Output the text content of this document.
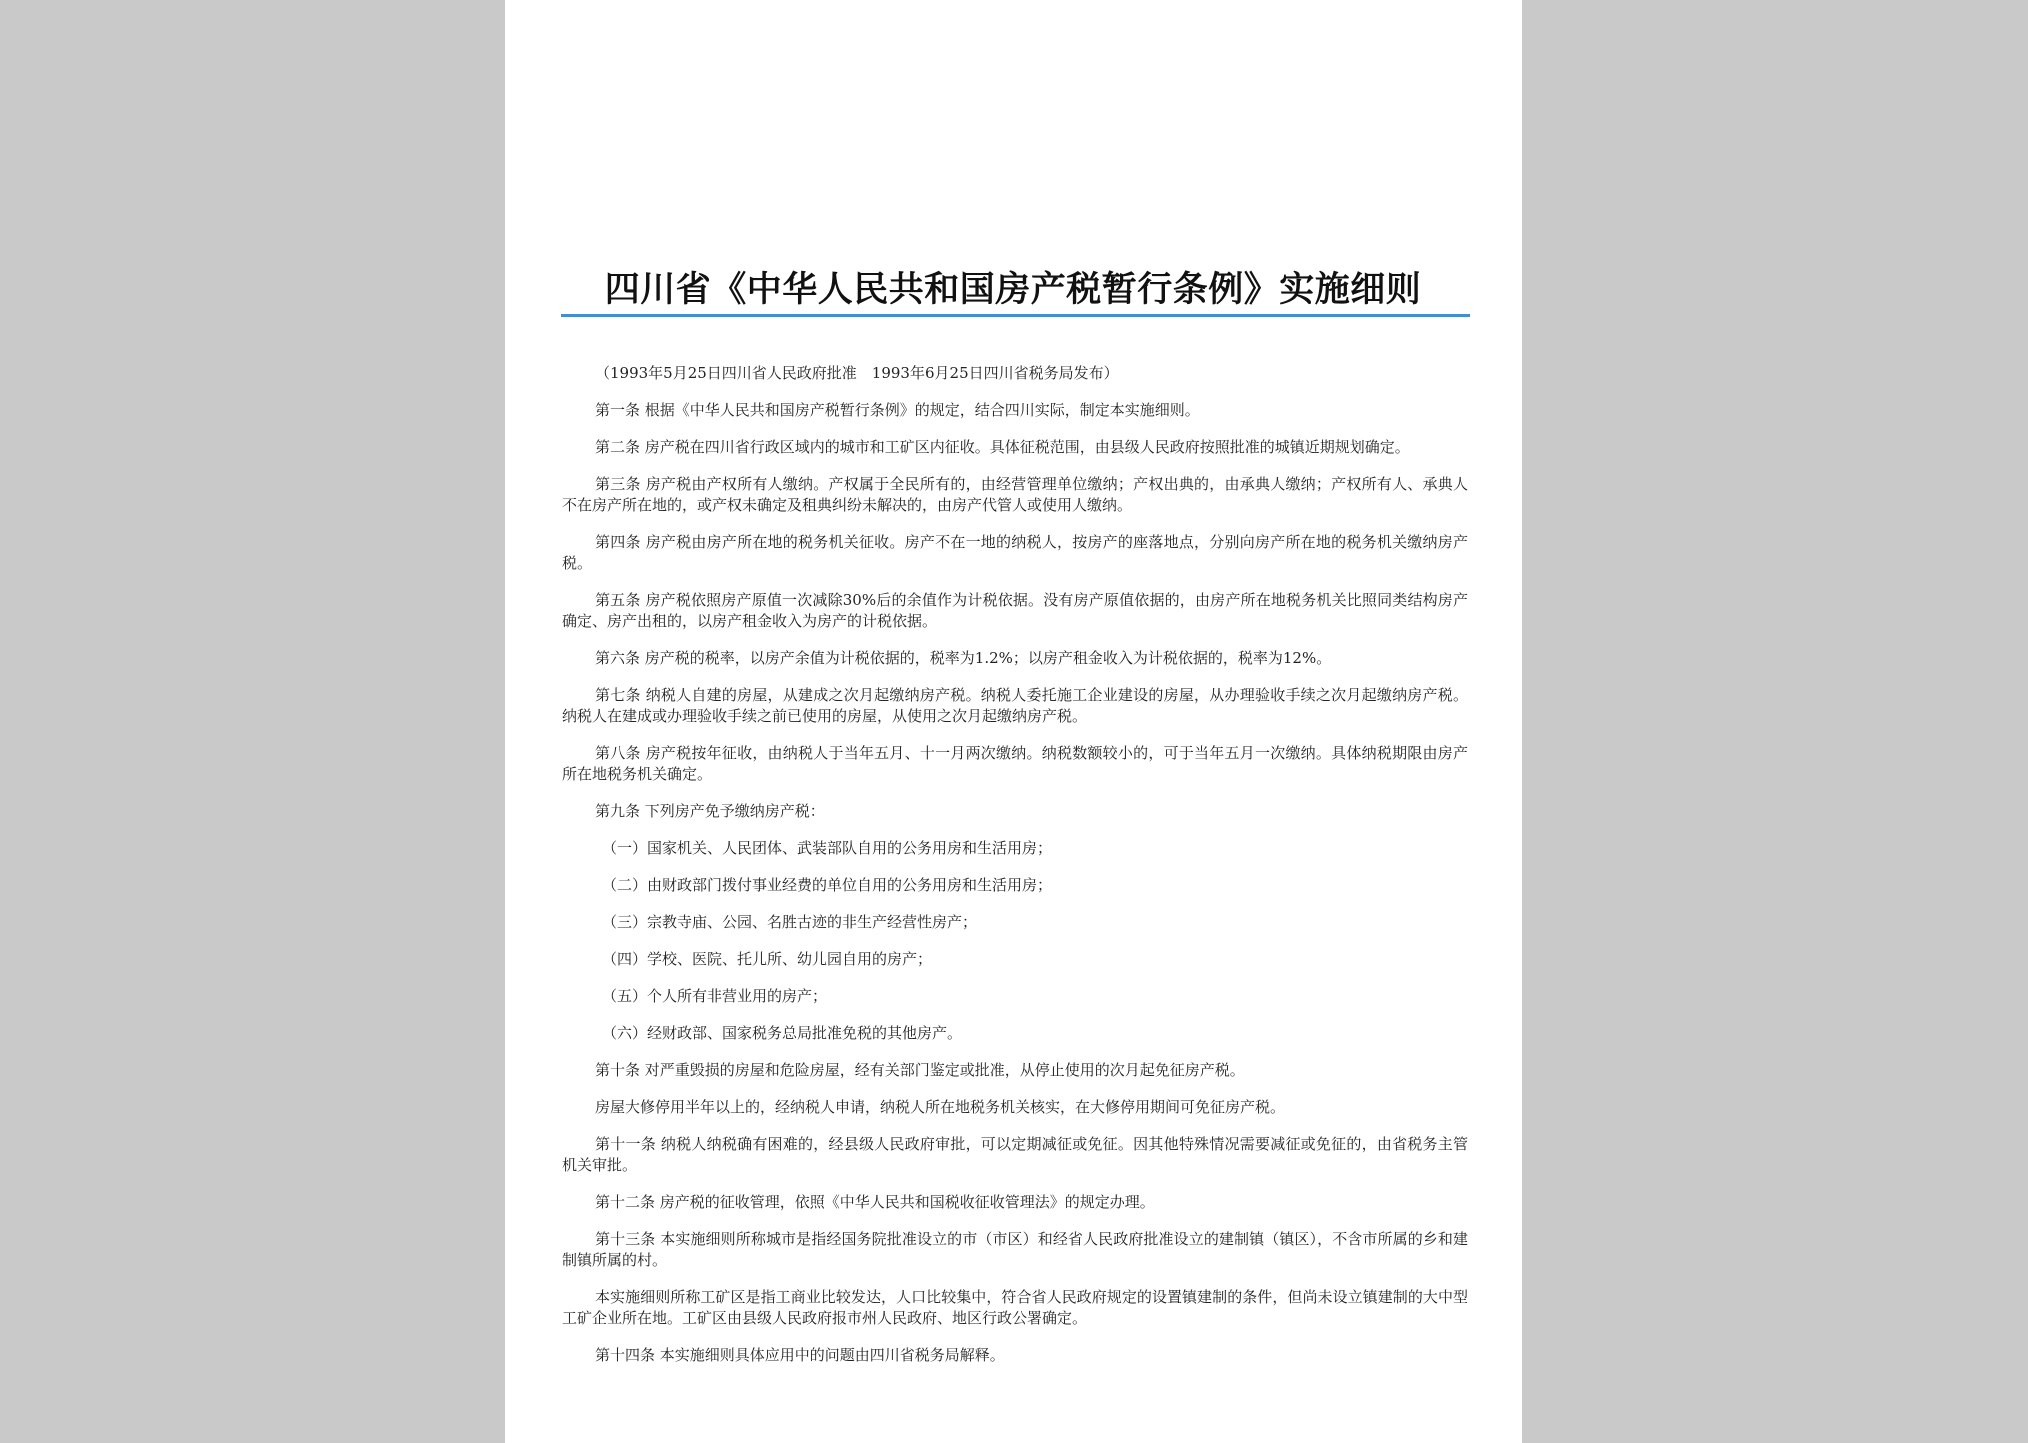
四川省《中华人民共和国房产税暂行条例》实施细则

（1993年5月25日四川省人民政府批准　1993年6月25日四川省税务局发布）

第一条 根据《中华人民共和国房产税暂行条例》的规定，结合四川实际，制定本实施细则。

第二条 房产税在四川省行政区域内的城市和工矿区内征收。具体征税范围，由县级人民政府按照批准的城镇近期规划确定。

第三条 房产税由产权所有人缴纳。产权属于全民所有的，由经营管理单位缴纳；产权出典的，由承典人缴纳；产权所有人、承典人不在房产所在地的，或产权未确定及租典纠纷未解决的，由房产代管人或使用人缴纳。

第四条 房产税由房产所在地的税务机关征收。房产不在一地的纳税人，按房产的座落地点，分别向房产所在地的税务机关缴纳房产税。

第五条 房产税依照房产原值一次减除30%后的余值作为计税依据。没有房产原值依据的，由房产所在地税务机关比照同类结构房产确定、房产出租的，以房产租金收入为房产的计税依据。

第六条 房产税的税率，以房产余值为计税依据的，税率为1.2%；以房产租金收入为计税依据的，税率为12%。

第七条 纳税人自建的房屋，从建成之次月起缴纳房产税。纳税人委托施工企业建设的房屋，从办理验收手续之次月起缴纳房产税。纳税人在建成或办理验收手续之前已使用的房屋，从使用之次月起缴纳房产税。

第八条 房产税按年征收，由纳税人于当年五月、十一月两次缴纳。纳税数额较小的，可于当年五月一次缴纳。具体纳税期限由房产所在地税务机关确定。

第九条 下列房产免予缴纳房产税：

（一）国家机关、人民团体、武装部队自用的公务用房和生活用房；

（二）由财政部门拨付事业经费的单位自用的公务用房和生活用房；

（三）宗教寺庙、公园、名胜古迹的非生产经营性房产；

（四）学校、医院、托儿所、幼儿园自用的房产；

（五）个人所有非营业用的房产；

（六）经财政部、国家税务总局批准免税的其他房产。

第十条 对严重毁损的房屋和危险房屋，经有关部门鉴定或批准，从停止使用的次月起免征房产税。

房屋大修停用半年以上的，经纳税人申请，纳税人所在地税务机关核实，在大修停用期间可免征房产税。

第十一条 纳税人纳税确有困难的，经县级人民政府审批，可以定期减征或免征。因其他特殊情况需要减征或免征的，由省税务主管机关审批。

第十二条 房产税的征收管理，依照《中华人民共和国税收征收管理法》的规定办理。

第十三条 本实施细则所称城市是指经国务院批准设立的市（市区）和经省人民政府批准设立的建制镇（镇区），不含市所属的乡和建制镇所属的村。

本实施细则所称工矿区是指工商业比较发达，人口比较集中，符合省人民政府规定的设置镇建制的条件，但尚未设立镇建制的大中型工矿企业所在地。工矿区由县级人民政府报市州人民政府、地区行政公署确定。

第十四条 本实施细则具体应用中的问题由四川省税务局解释。
